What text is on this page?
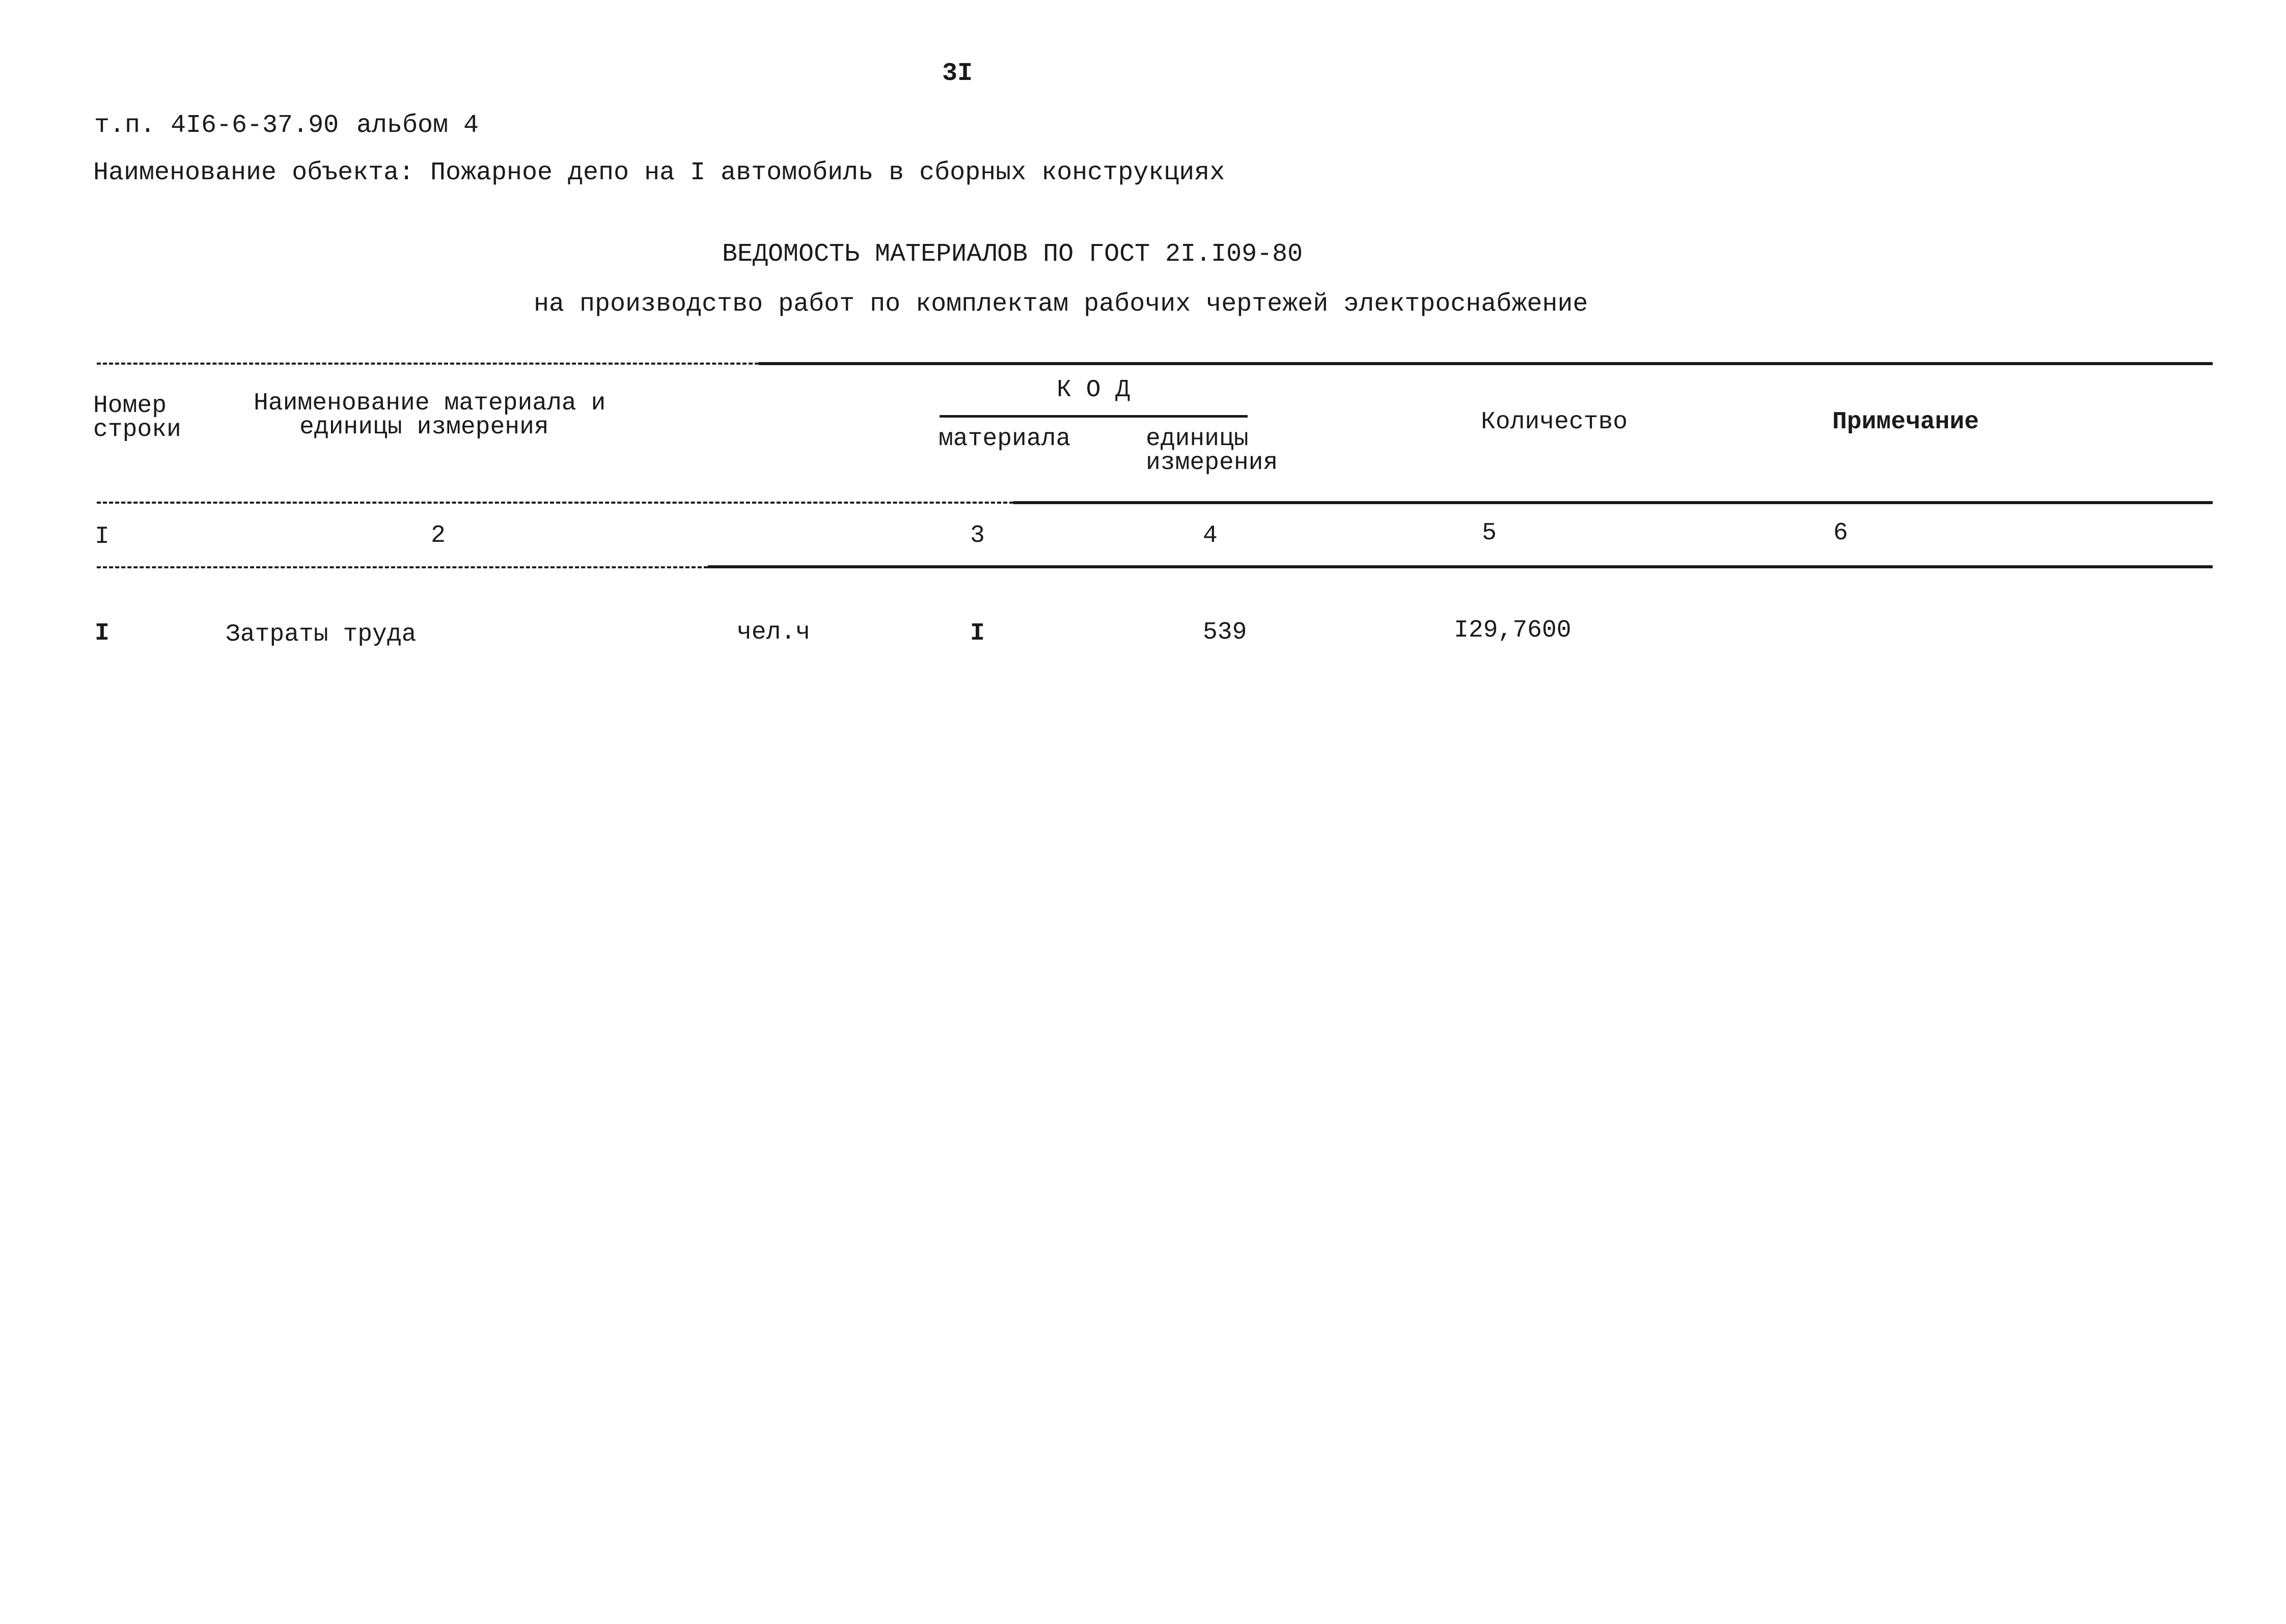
3I
т.п. 4I6-6-37.90 альбом 4
Наименование объекта: Пожарное депо на I автомобиль в сборных конструкциях
ВЕДОМОСТЬ МАТЕРИАЛОВ ПО ГОСТ 2I.I09-80
на производство работ по комплектам рабочих чертежей электроснабжение
Номер
строки
Наименование материала и
единицы измерения
К О Д
материала	единицы
измерения
Количество	Примечание
I	2	3	4	5	6
I	Затраты труда	чел.ч	I	539	I29,7600
